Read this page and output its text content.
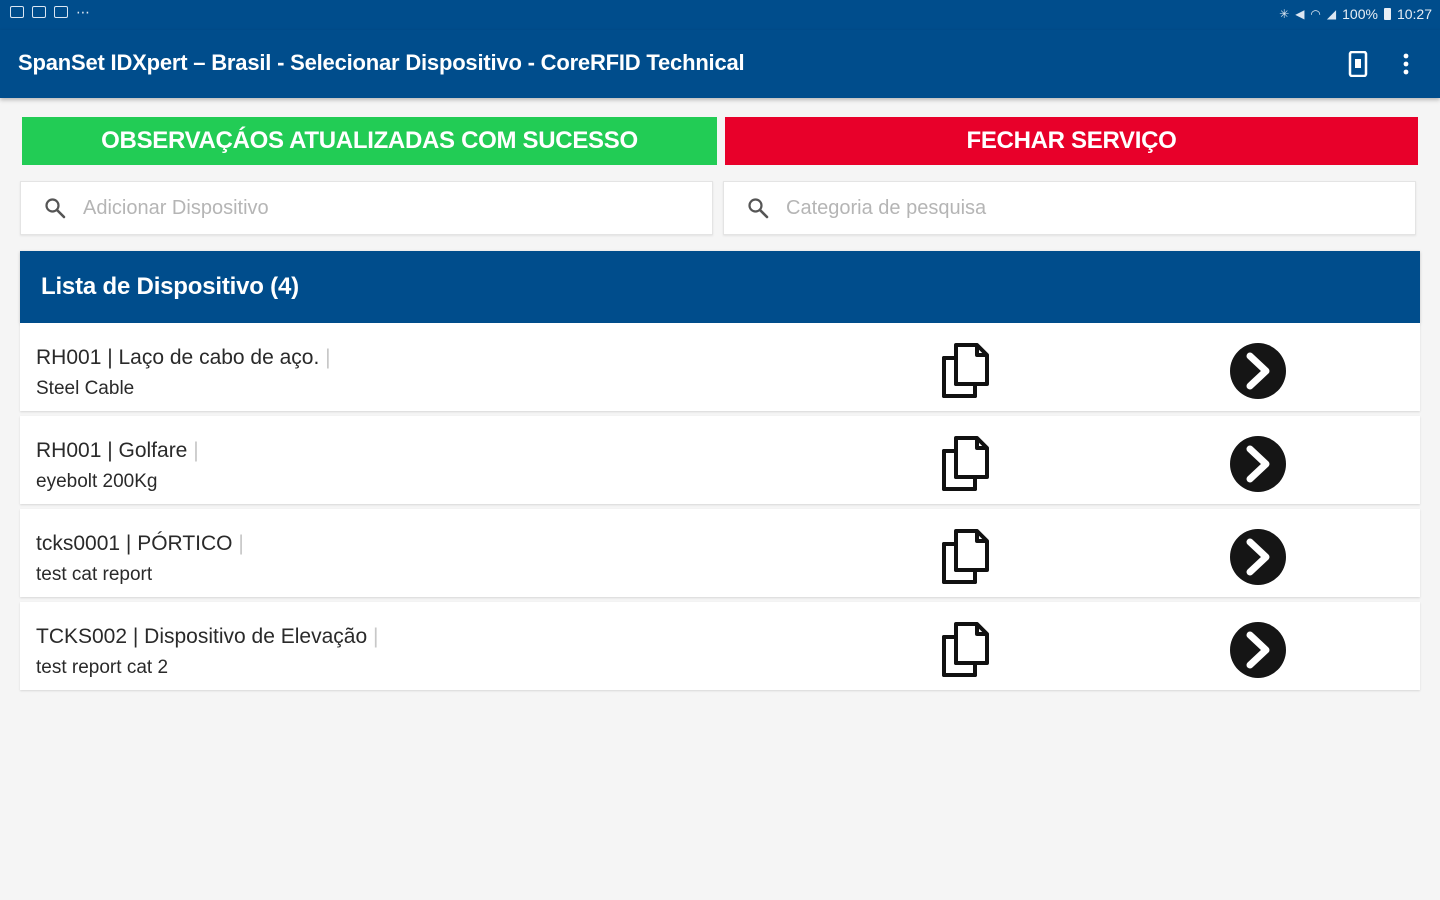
⋯	✳ ◀ ◠ ◢ 100% 10:27
SpanSet IDXpert – Brasil - Selecionar Dispositivo - CoreRFID Technical
OBSERVAÇÁOS ATUALIZADAS COM SUCESSO	FECHAR SERVIÇO
Adicionar Dispositivo
Categoria de pesquisa
Lista de Dispositivo (4)
RH001 | Laço de cabo de aço. |
Steel Cable
RH001 | Golfare |
eyebolt 200Kg
tcks0001 | PÓRTICO |
test cat report
TCKS002 | Dispositivo de Elevação |
test report cat 2
